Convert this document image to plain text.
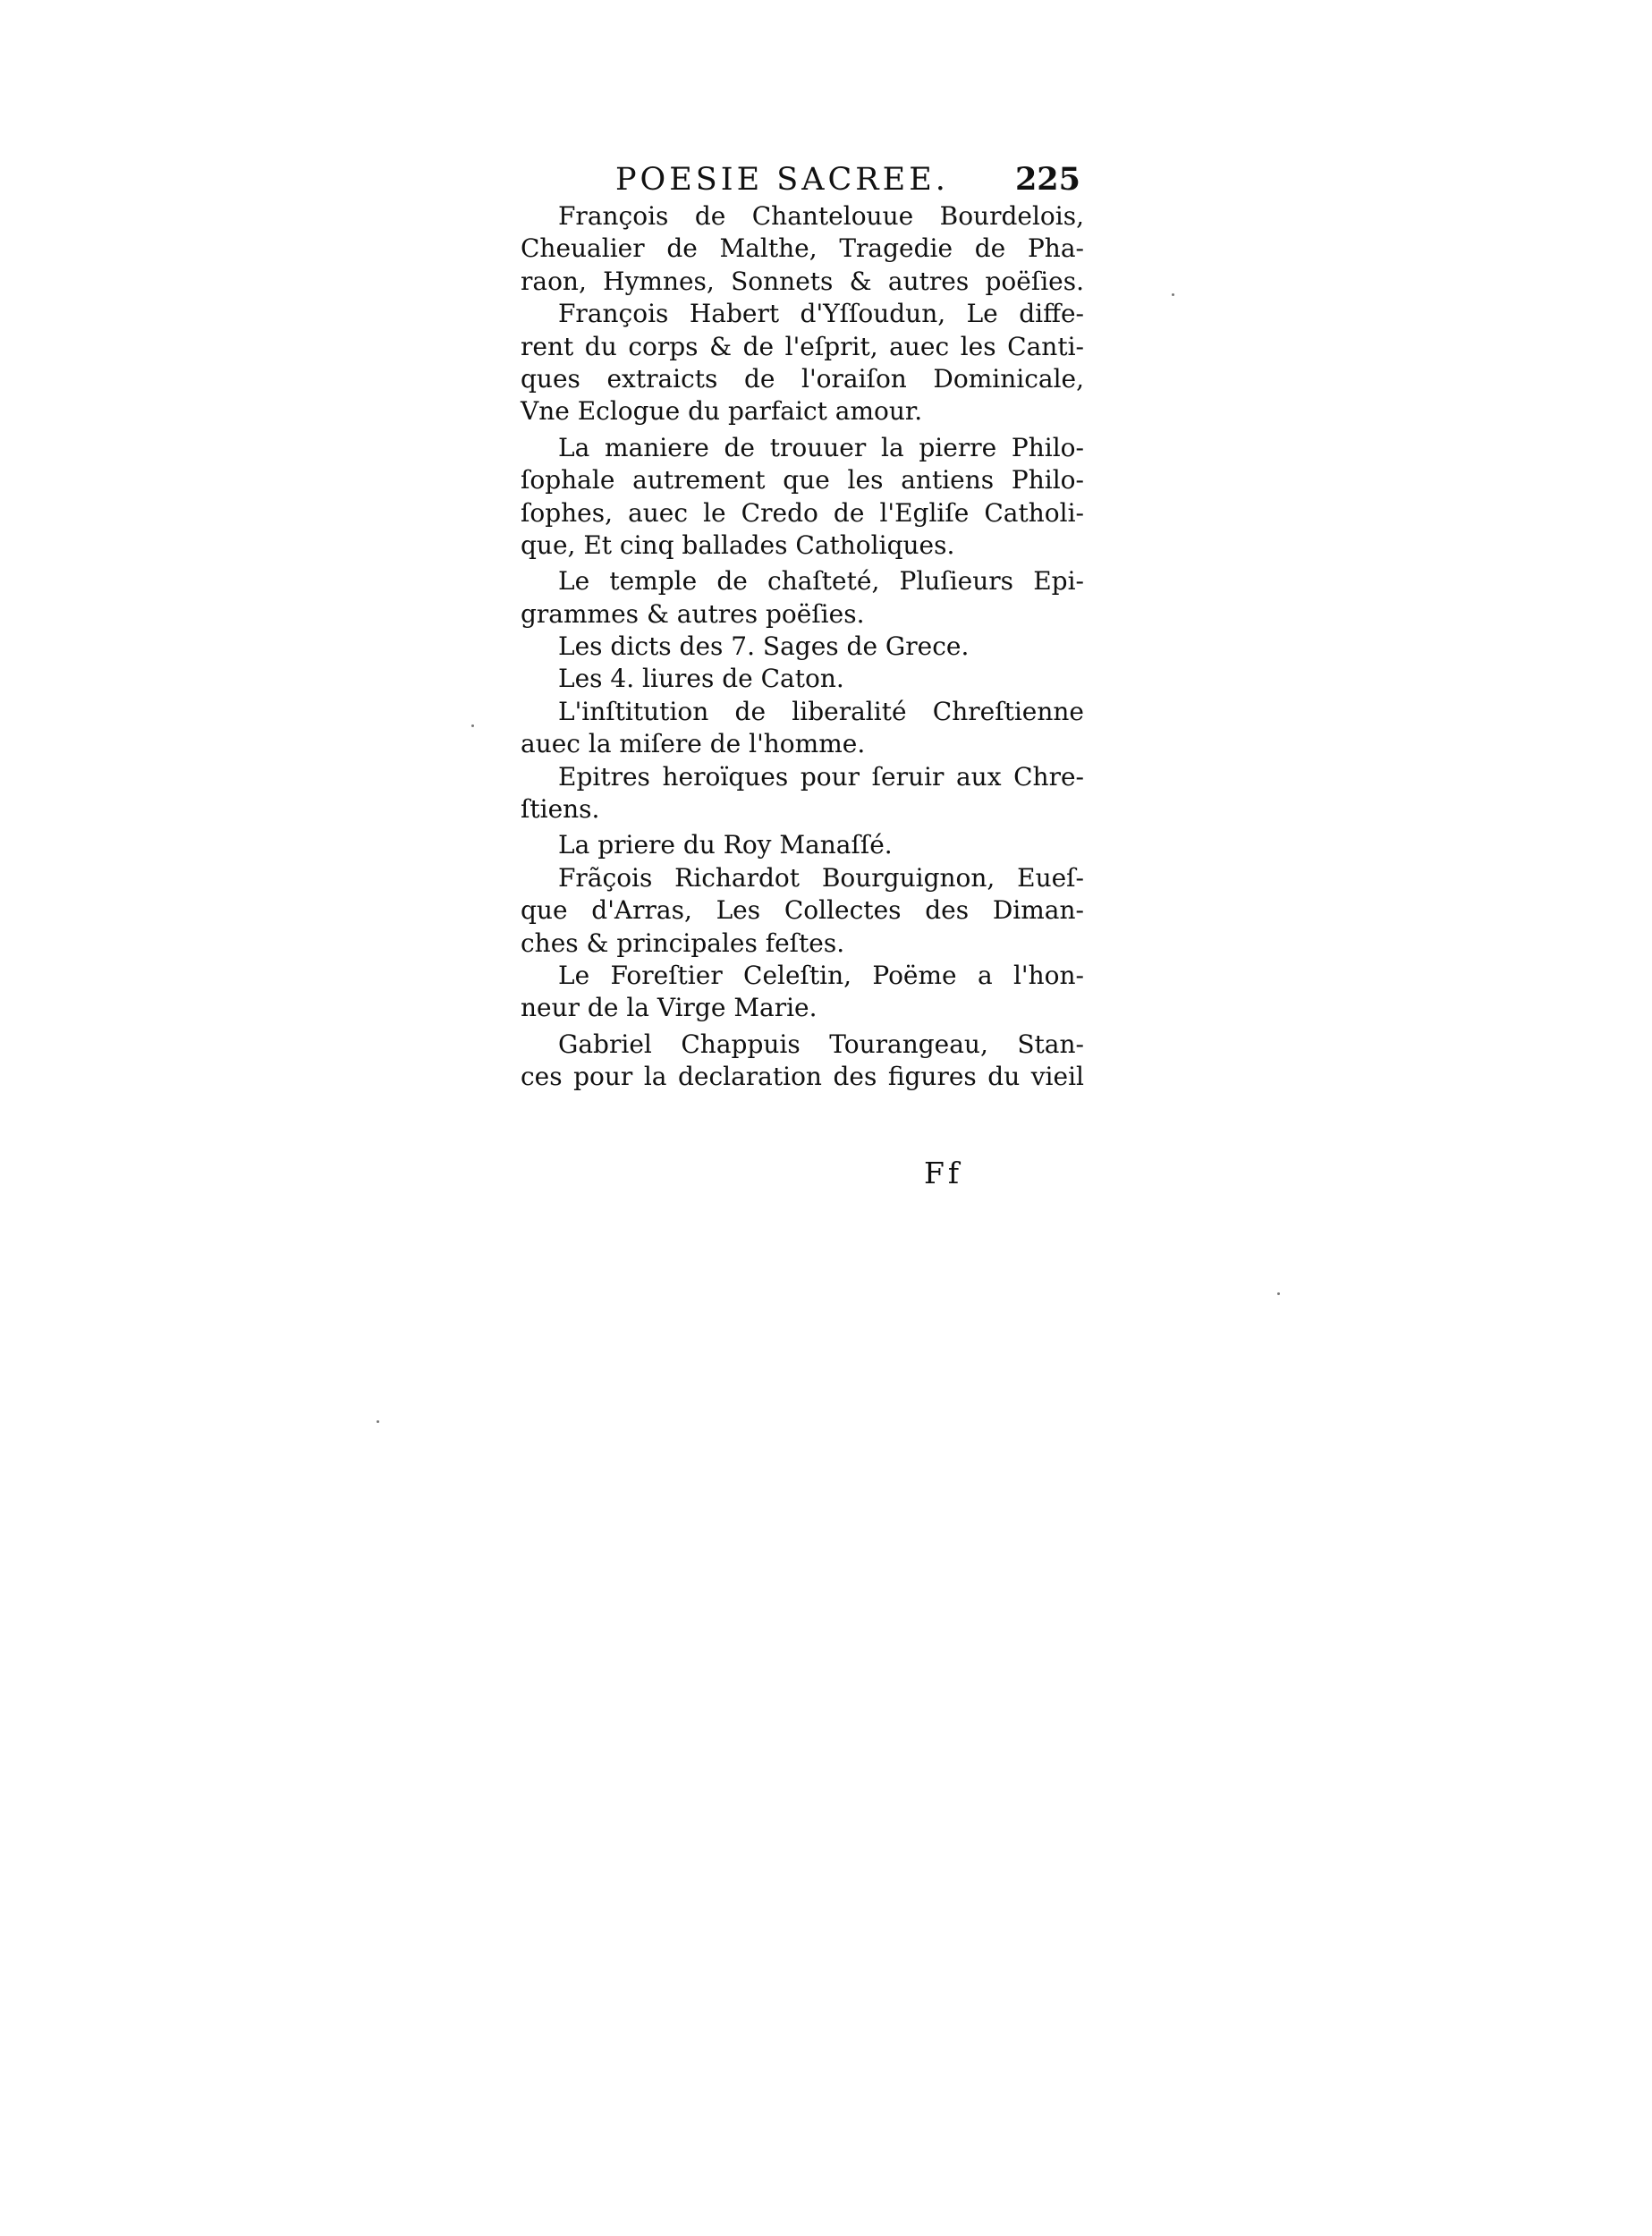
POESIE SACREE. 225
François de Chantelouue Bourdelois,
Cheualier de Malthe, Tragedie de Pha-
raon, Hymnes, Sonnets & autres poëſies.
François Habert d'Yſſoudun, Le diffe-
rent du corps & de l'eſprit, auec les Canti-
ques extraicts de l'oraiſon Dominicale,
Vne Eclogue du parfaict amour.
La maniere de trouuer la pierre Philo-
ſophale autrement que les antiens Philo-
ſophes, auec le Credo de l'Egliſe Catholi-
que, Et cinq ballades Catholiques.
Le temple de chaſteté, Pluſieurs Epi-
grammes & autres poëſies.
Les dicts des 7. Sages de Grece.
Les 4. liures de Caton.
L'inſtitution de liberalité Chreſtienne
auec la miſere de l'homme.
Epitres heroïques pour ſeruir aux Chre-
ſtiens.
La priere du Roy Manaſſé.
Frãçois Richardot Bourguignon, Eueſ-
que d'Arras, Les Collectes des Diman-
ches & principales feſtes.
Le Foreſtier Celeſtin, Poëme a l'hon-
neur de la Virge Marie.
Gabriel Chappuis Tourangeau, Stan-
ces pour la declaration des figures du vieil
Ff
